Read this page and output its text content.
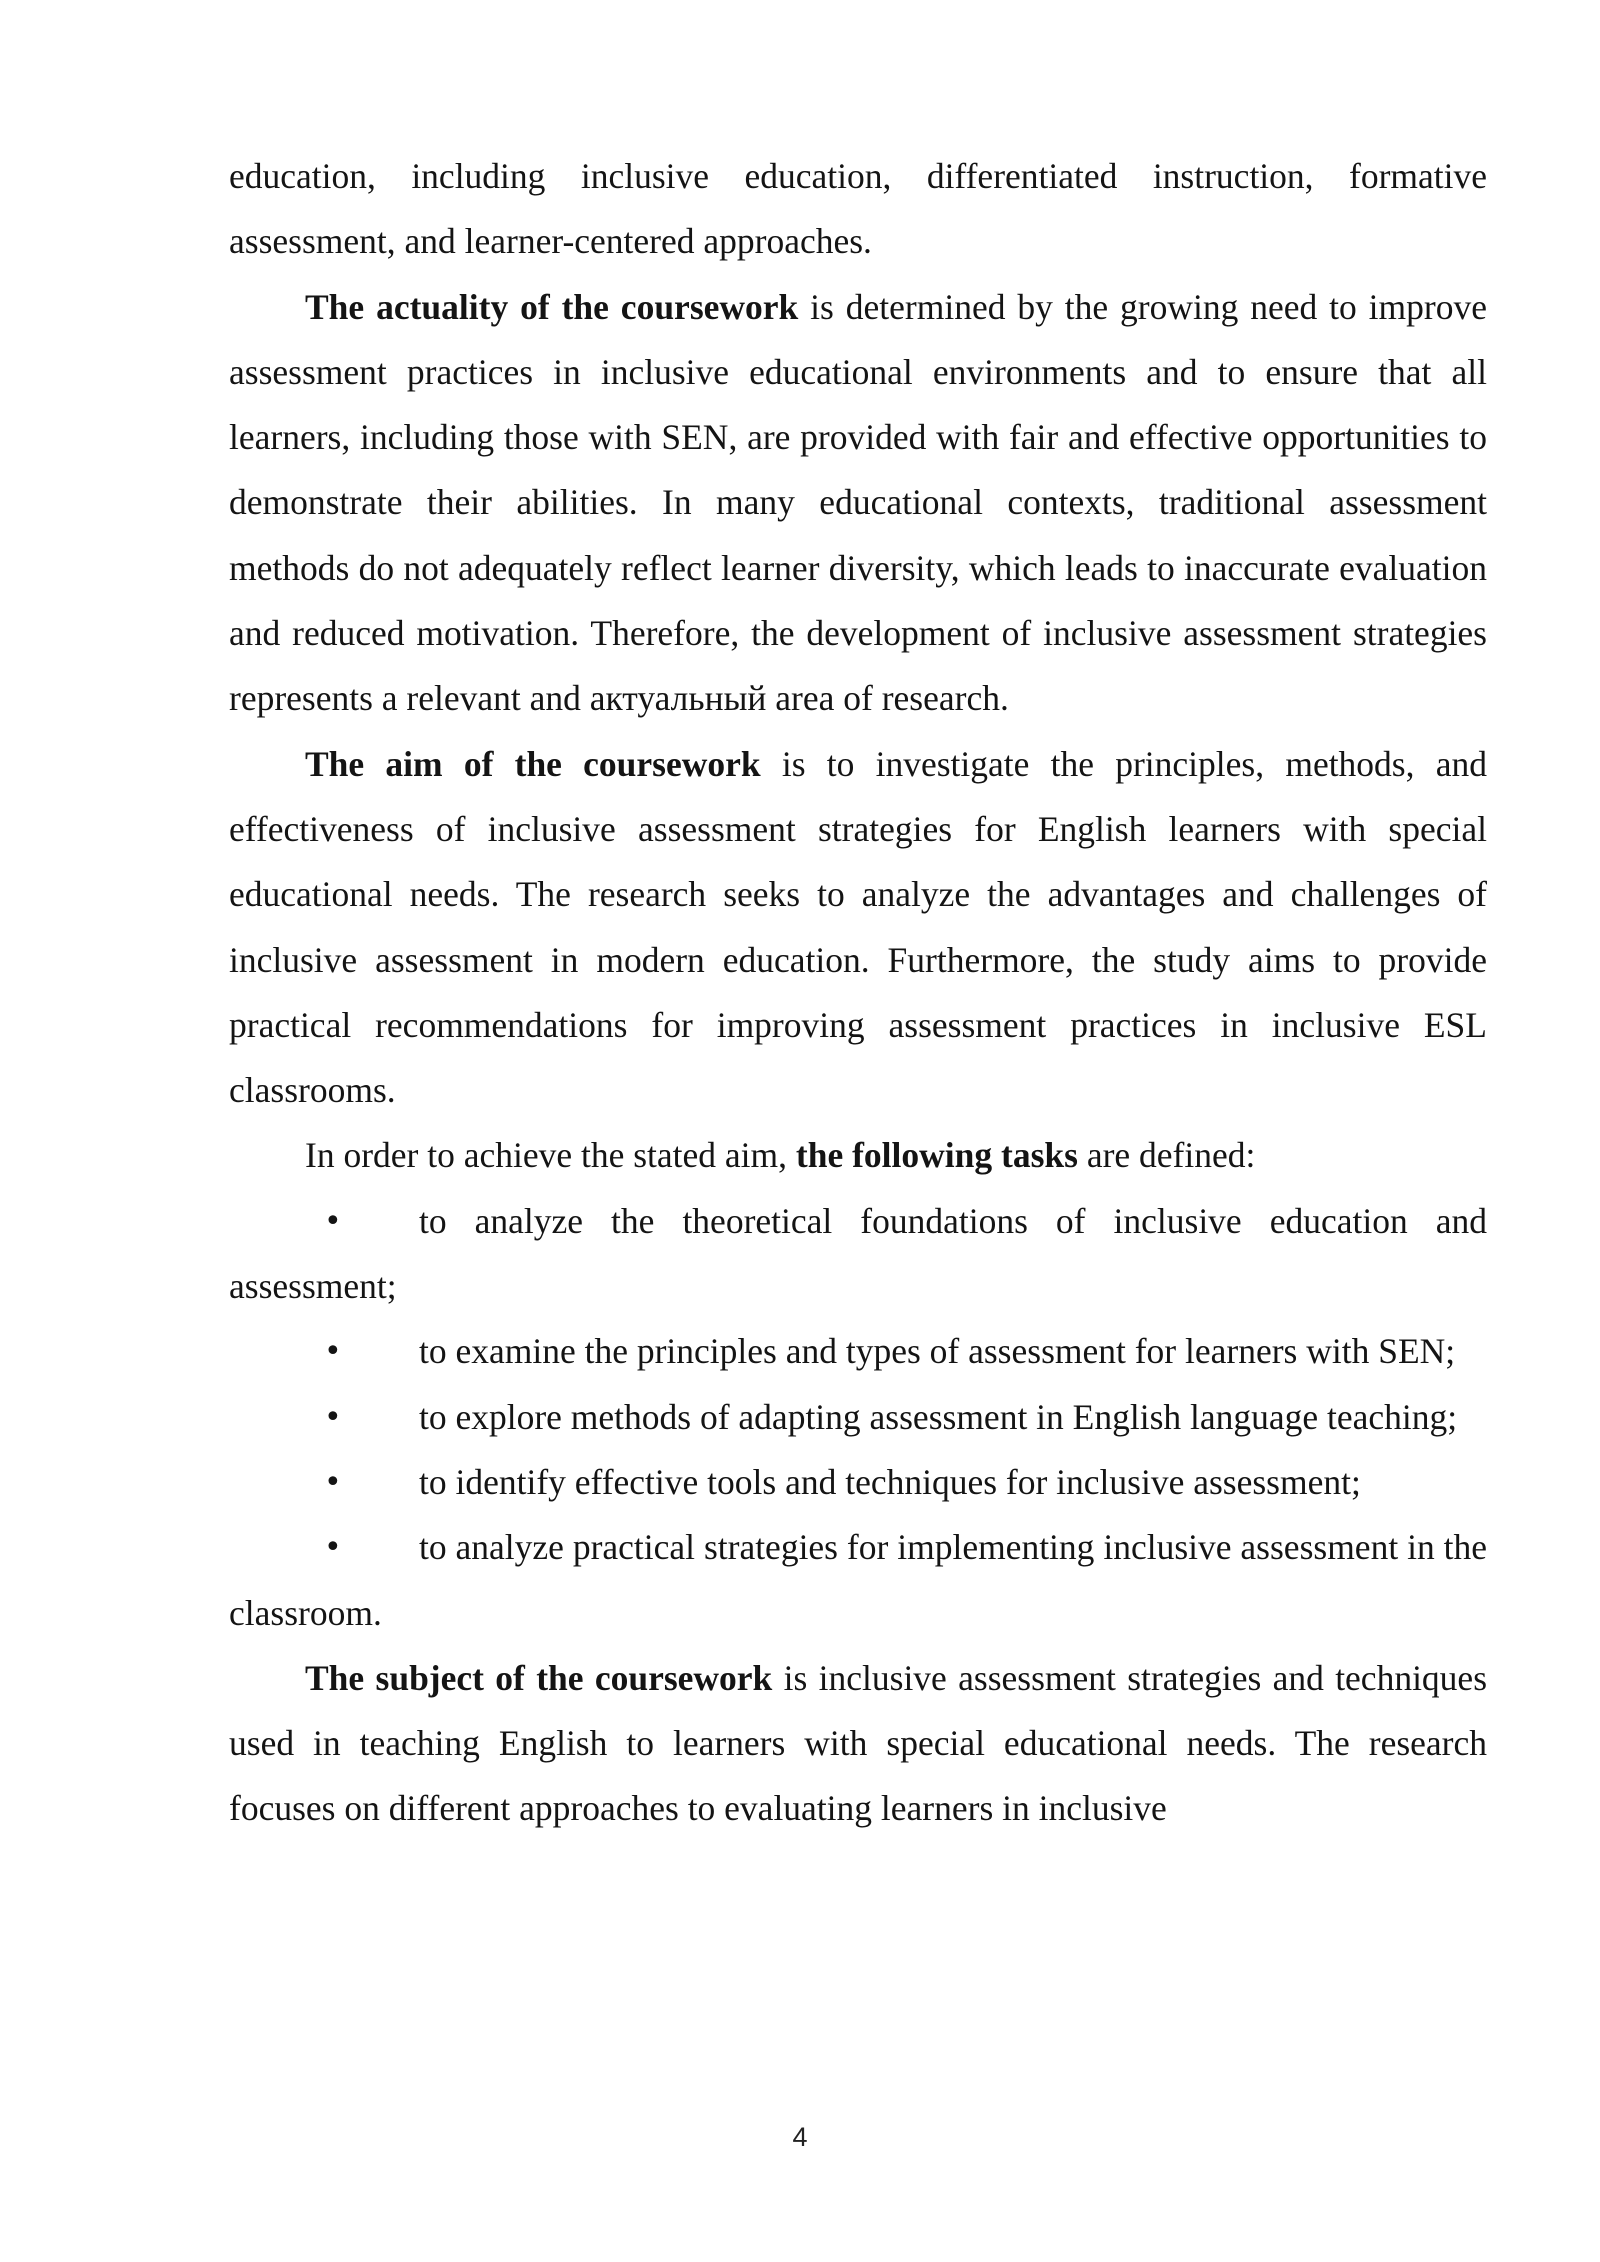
education, including inclusive education, differentiated instruction, formative assessment, and learner-centered approaches.

The actuality of the coursework is determined by the growing need to improve assessment practices in inclusive educational environments and to ensure that all learners, including those with SEN, are provided with fair and effective opportunities to demonstrate their abilities. In many educational contexts, traditional assessment methods do not adequately reflect learner diversity, which leads to inaccurate evaluation and reduced motivation. Therefore, the development of inclusive assessment strategies represents a relevant and актуальный area of research.

The aim of the coursework is to investigate the principles, methods, and effectiveness of inclusive assessment strategies for English learners with special educational needs. The research seeks to analyze the advantages and challenges of inclusive assessment in modern education. Furthermore, the study aims to provide practical recommendations for improving assessment practices in inclusive ESL classrooms.

In order to achieve the stated aim, the following tasks are defined:

• to analyze the theoretical foundations of inclusive education and assessment;

• to examine the principles and types of assessment for learners with SEN;

• to explore methods of adapting assessment in English language teaching;

• to identify effective tools and techniques for inclusive assessment;

• to analyze practical strategies for implementing inclusive assessment in the classroom.

The subject of the coursework is inclusive assessment strategies and techniques used in teaching English to learners with special educational needs. The research focuses on different approaches to evaluating learners in inclusive

4
